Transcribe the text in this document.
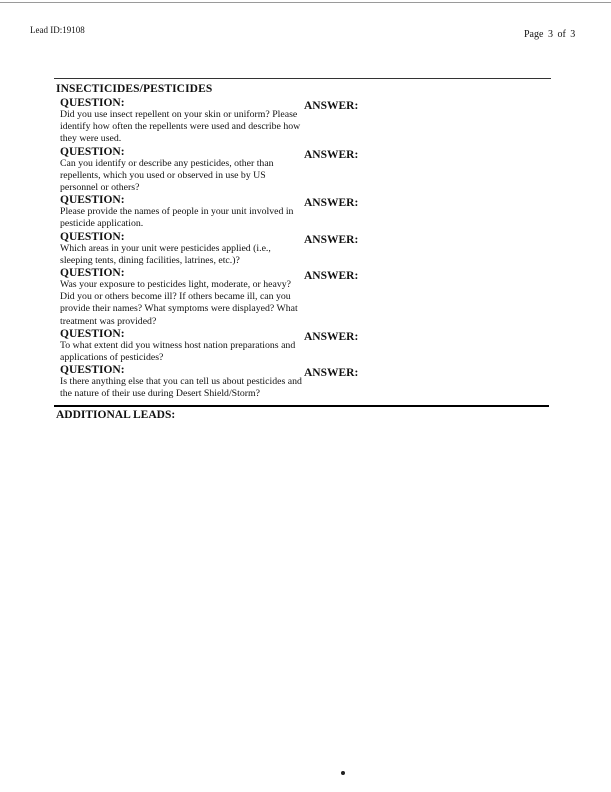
Lead ID:19108	Page 3 of 3
INSECTICIDES/PESTICIDES
QUESTION:	ANSWER:
Did you use insect repellent on your skin or uniform? Please identify how often the repellents were used and describe how they were used.
QUESTION:	ANSWER:
Can you identify or describe any pesticides, other than repellents, which you used or observed in use by US personnel or others?
QUESTION:	ANSWER:
Please provide the names of people in your unit involved in pesticide application.
QUESTION:	ANSWER:
Which areas in your unit were pesticides applied (i.e., sleeping tents, dining facilities, latrines, etc.)?
QUESTION:	ANSWER:
Was your exposure to pesticides light, moderate, or heavy? Did you or others become ill? If others became ill, can you provide their names? What symptoms were displayed? What treatment was provided?
QUESTION:	ANSWER:
To what extent did you witness host nation preparations and applications of pesticides?
QUESTION:	ANSWER:
Is there anything else that you can tell us about pesticides and the nature of their use during Desert Shield/Storm?
ADDITIONAL LEADS:
